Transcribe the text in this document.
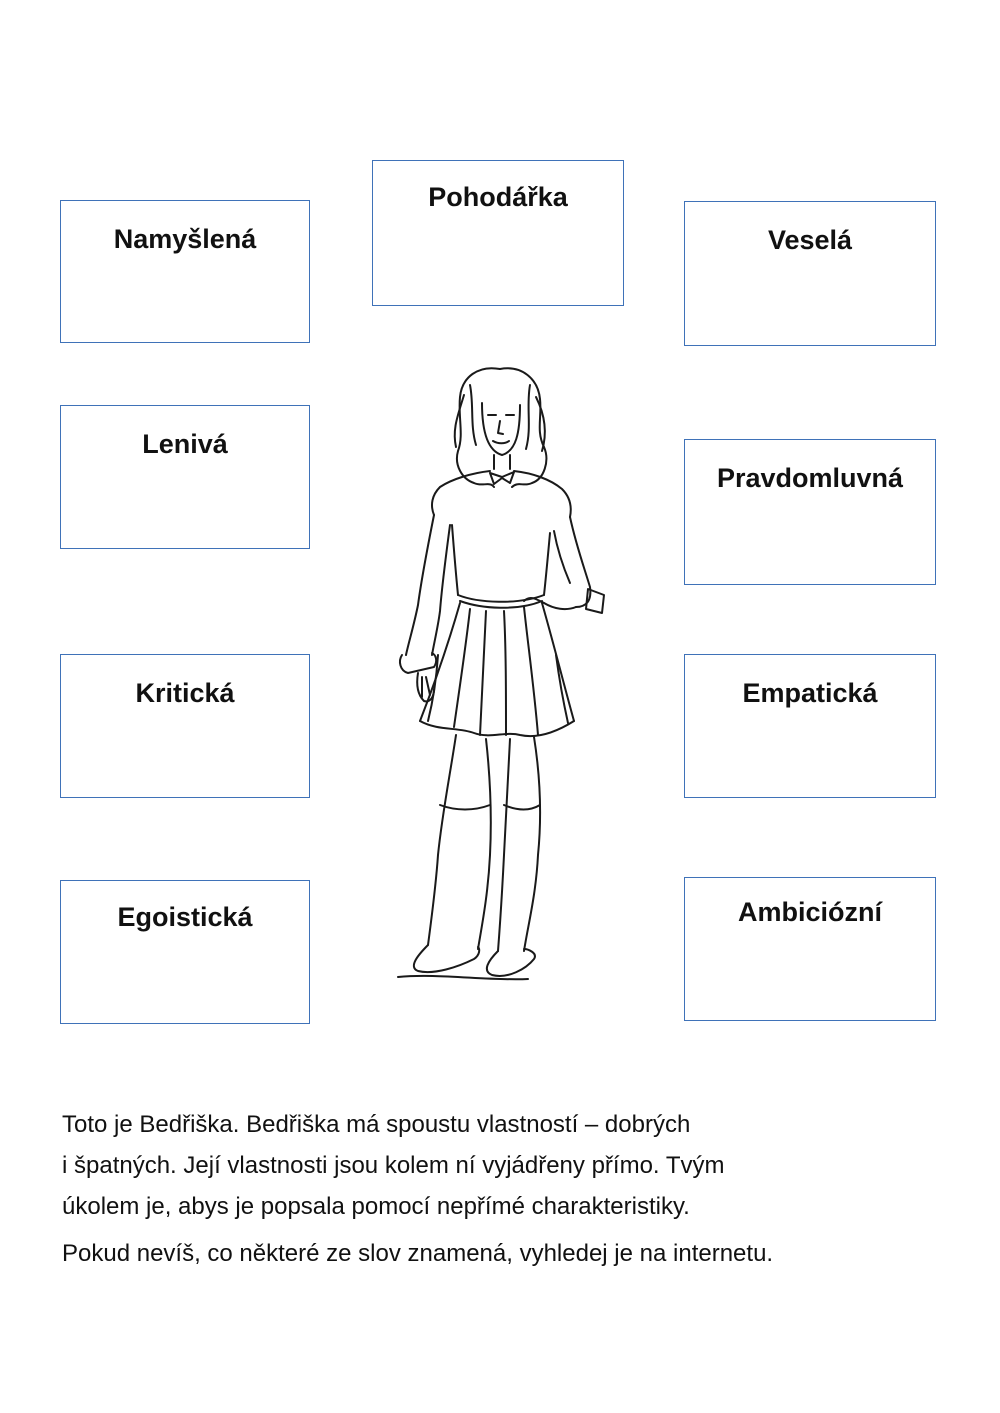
Pohodářka
Namyšlená	Veselá
Lenivá
Pravdomluvná
Kritická	Empatická
Egoistická	Ambiciózní

Toto je Bedřiška. Bedřiška má spoustu vlastností – dobrých
i špatných. Její vlastnosti jsou kolem ní vyjádřeny přímo. Tvým
úkolem je, abys je popsala pomocí nepřímé charakteristiky.

Pokud nevíš, co některé ze slov znamená, vyhledej je na internetu.
